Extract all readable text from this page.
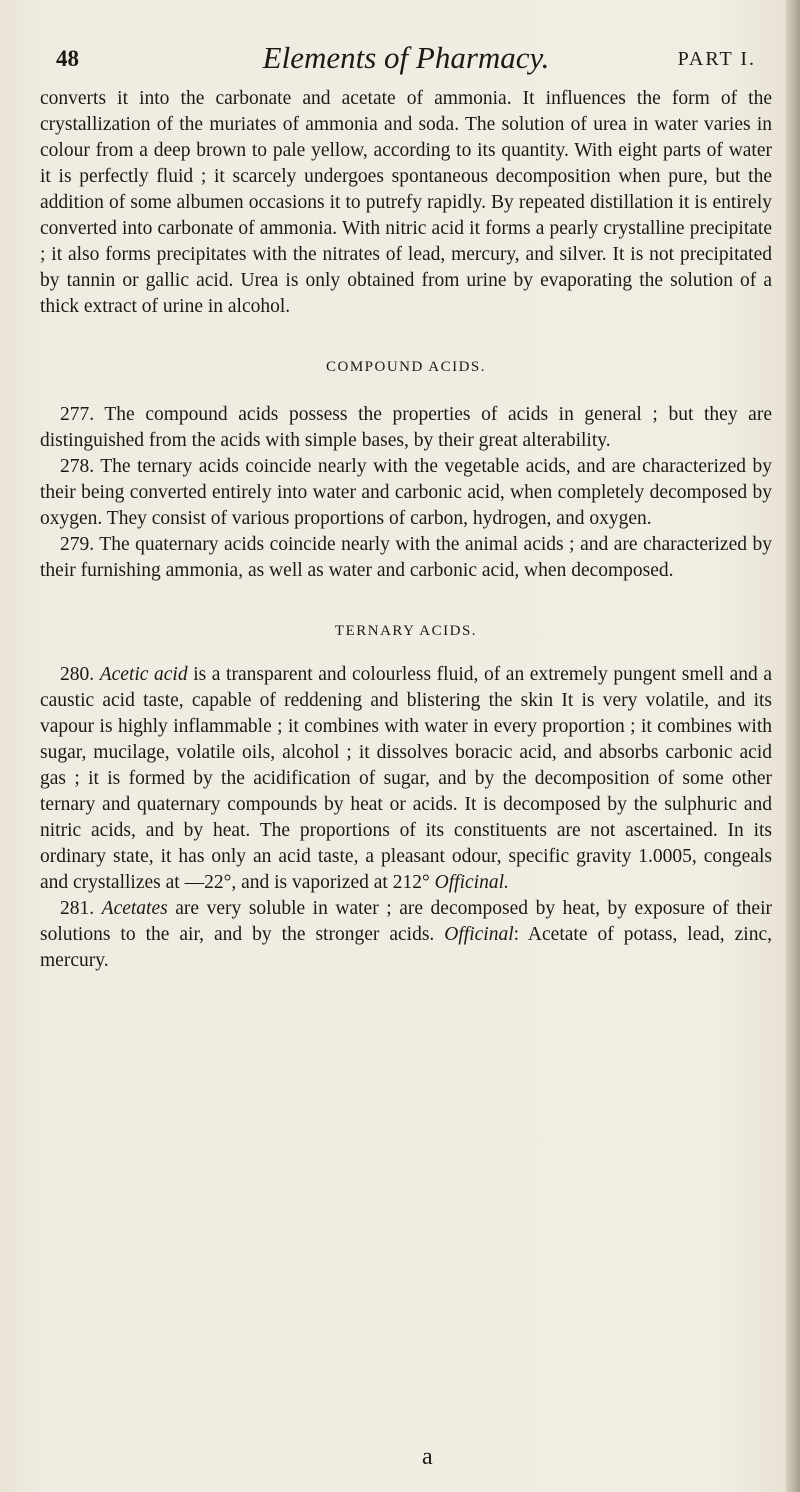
48	Elements of Pharmacy.	PART I.

converts it into the carbonate and acetate of ammonia. It influences the form of the crystallization of the muriates of ammonia and soda. The solution of urea in water varies in colour from a deep brown to pale yellow, according to its quantity. With eight parts of water it is perfectly fluid ; it scarcely undergoes spontaneous decomposition when pure, but the addition of some albumen occasions it to putrefy rapidly. By repeated distillation it is entirely converted into carbonate of ammonia. With nitric acid it forms a pearly crystalline precipitate ; it also forms precipitates with the nitrates of lead, mercury, and silver. It is not precipitated by tannin or gallic acid. Urea is only obtained from urine by evaporating the solution of a thick extract of urine in alcohol.

COMPOUND ACIDS.

277. The compound acids possess the properties of acids in general ; but they are distinguished from the acids with simple bases, by their great alterability.

278. The ternary acids coincide nearly with the vegetable acids, and are characterized by their being converted entirely into water and carbonic acid, when completely decomposed by oxygen. They consist of various proportions of carbon, hydrogen, and oxygen.

279. The quaternary acids coincide nearly with the animal acids ; and are characterized by their furnishing ammonia, as well as water and carbonic acid, when decomposed.

TERNARY ACIDS.

280. Acetic acid is a transparent and colourless fluid, of an extremely pungent smell and a caustic acid taste, capable of reddening and blistering the skin It is very volatile, and its vapour is highly inflammable ; it combines with water in every proportion ; it combines with sugar, mucilage, volatile oils, alcohol ; it dissolves boracic acid, and absorbs carbonic acid gas ; it is formed by the acidification of sugar, and by the decomposition of some other ternary and quaternary compounds by heat or acids. It is decomposed by the sulphuric and nitric acids, and by heat. The proportions of its constituents are not ascertained. In its ordinary state, it has only an acid taste, a pleasant odour, specific gravity 1.0005, congeals and crystallizes at —22°, and is vaporized at 212° Officinal.

281. Acetates are very soluble in water ; are decomposed by heat, by exposure of their solutions to the air, and by the stronger acids. Officinal: Acetate of potass, lead, zinc, mercury.

a
